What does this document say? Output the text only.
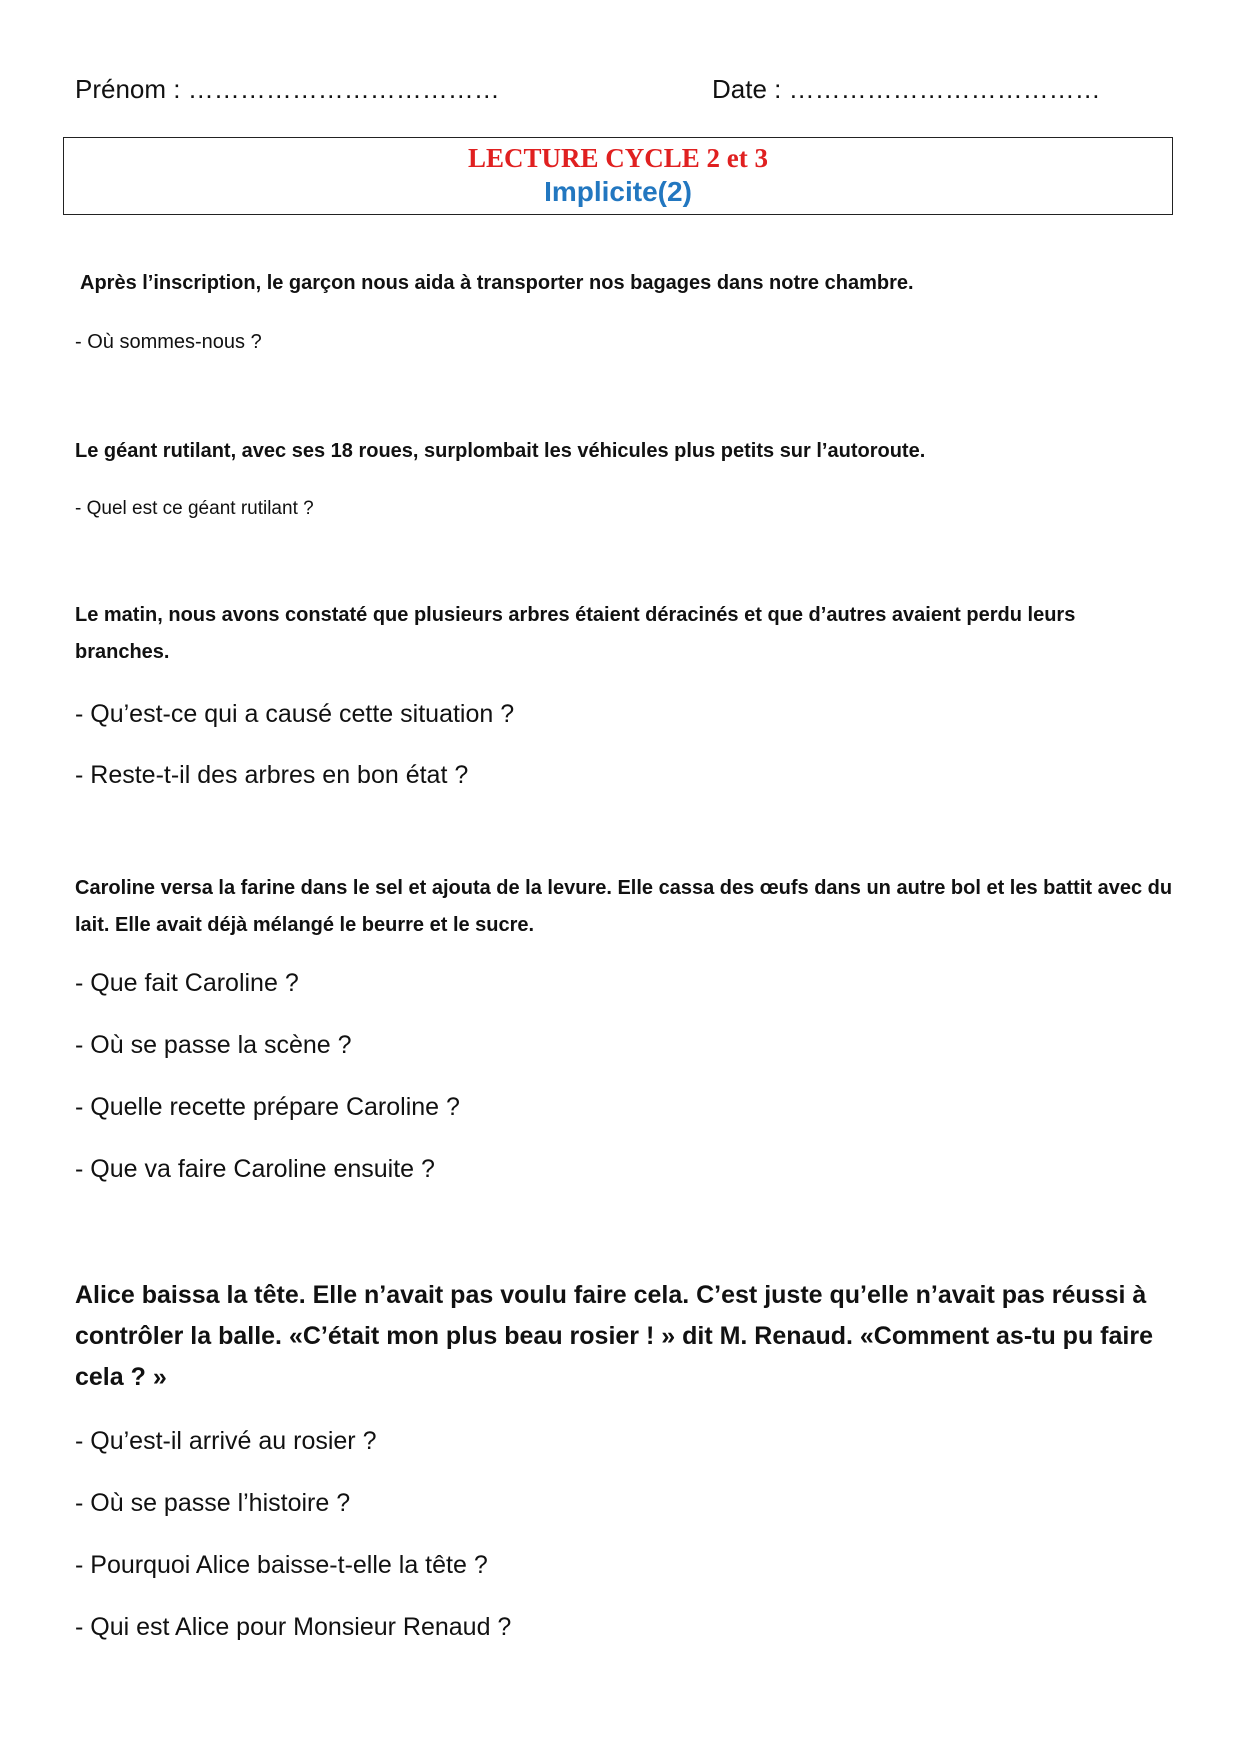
Prénom : ………………………………	Date : ………………………………
LECTURE CYCLE 2 et 3
Implicite(2)
Après l’inscription, le garçon nous aida à transporter nos bagages dans notre chambre.
- Où sommes-nous ?
Le géant rutilant, avec ses 18 roues, surplombait les véhicules plus petits sur l’autoroute.
- Quel est ce géant rutilant ?
Le matin, nous avons constaté que plusieurs arbres étaient déracinés et que d’autres avaient perdu leurs branches.
- Qu’est-ce qui a causé cette situation ?
- Reste-t-il des arbres en bon état ?
Caroline versa la farine dans le sel et ajouta de la levure. Elle cassa des œufs dans un autre bol et les battit avec du lait. Elle avait déjà mélangé le beurre et le sucre.
- Que fait Caroline ?
- Où se passe la scène ?
- Quelle recette prépare Caroline ?
- Que va faire Caroline ensuite ?
Alice baissa la tête. Elle n’avait pas voulu faire cela. C’est juste qu’elle n’avait pas réussi à contrôler la balle. «C’était mon plus beau rosier ! » dit M. Renaud. «Comment as-tu pu faire cela ? »
- Qu’est-il arrivé au rosier ?
- Où se passe l’histoire ?
- Pourquoi Alice baisse-t-elle la tête ?
- Qui est Alice pour Monsieur Renaud ?
